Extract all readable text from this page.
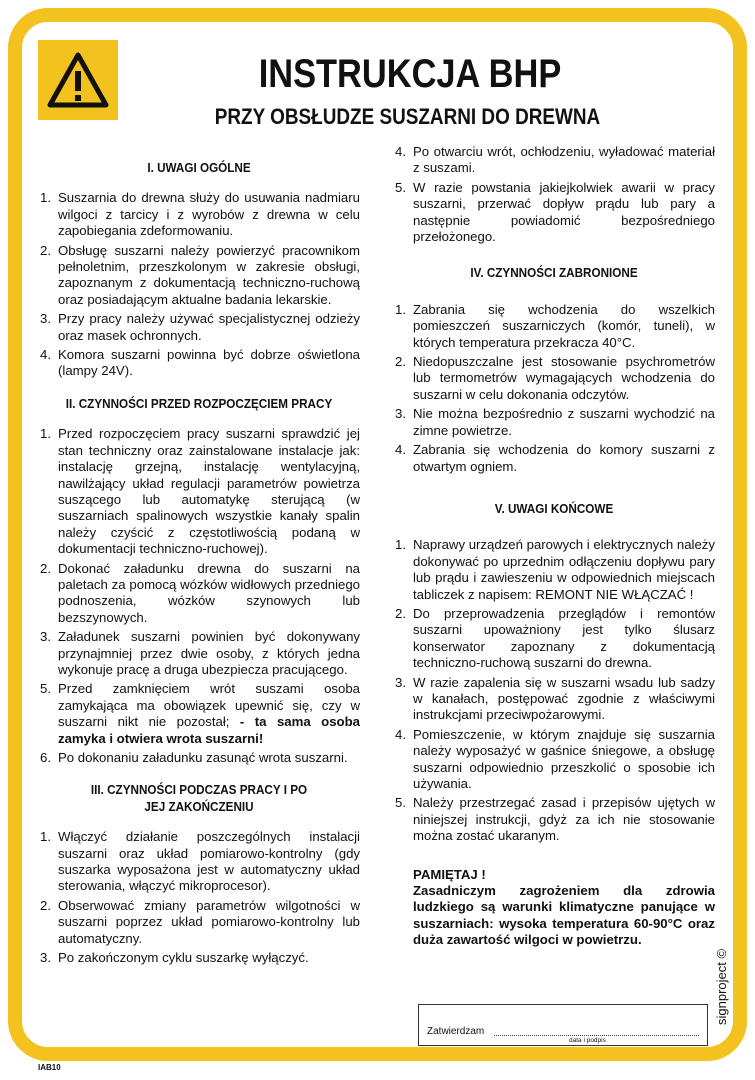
INSTRUKCJA BHP
PRZY OBSŁUDZE SUSZARNI DO DREWNA
I. UWAGI OGÓLNE
1. Suszarnia do drewna służy do usuwania nadmiaru wilgoci z tarcicy i z wyrobów z drewna w celu zapobiegania zdeformowaniu.
2. Obsługę suszarni należy powierzyć pracownikom pełnoletnim, przeszkolonym w zakresie obsługi, zapoznanym z dokumentacją techniczno-ruchową oraz posiadającym aktualne badania lekarskie.
3. Przy pracy należy używać specjalistycznej odzieży oraz masek ochronnych.
4. Komora suszarni powinna być dobrze oświetlona (lampy 24V).
II. CZYNNOŚCI PRZED ROZPOCZĘCIEM PRACY
1. Przed rozpoczęciem pracy suszarni sprawdzić jej stan techniczny oraz zainstalowane instalacje jak: instalację grzejną, instalację wentylacyjną, nawilżający układ regulacji parametrów powietrza suszącego lub automatykę sterującą (w suszarniach spalinowych wszystkie kanały spalin należy czyścić z częstotliwością podaną w dokumentacji techniczno-ruchowej).
2. Dokonać załadunku drewna do suszarni na paletach za pomocą wózków widłowych przedniego podnoszenia, wózków szynowych lub bezszynowych.
3. Załadunek suszarni powinien być dokonywany przynajmniej przez dwie osoby, z których jedna wykonuje pracę a druga ubezpiecza pracującego.
5. Przed zamknięciem wrót suszami osoba zamykająca ma obowiązek upewnić się, czy w suszarni nikt nie pozostał; - ta sama osoba zamyka i otwiera wrota suszarni!
6. Po dokonaniu załadunku zasunąć wrota suszarni.
III. CZYNNOŚCI PODCZAS PRACY I PO JEJ ZAKOŃCZENIU
1. Włączyć działanie poszczególnych instalacji suszarni oraz układ pomiarowo-kontrolny (gdy suszarka wyposażona jest w automatyczny układ sterowania, włączyć mikroprocesor).
2. Obserwować zmiany parametrów wilgotności w suszarni poprzez układ pomiarowo-kontrolny lub automatyczny.
3. Po zakończonym cyklu suszarkę wyłączyć.
4. Po otwarciu wrót, ochłodzeniu, wyładować materiał z suszami.
5. W razie powstania jakiejkolwiek awarii w pracy suszarni, przerwać dopływ prądu lub pary a następnie powiadomić bezpośredniego przełożonego.
IV. CZYNNOŚCI ZABRONIONE
1. Zabrania się wchodzenia do wszelkich pomieszczeń suszarniczych (komór, tuneli), w których temperatura przekracza 40°C.
2. Niedopuszczalne jest stosowanie psychrometrów lub termometrów wymagających wchodzenia do suszarni w celu dokonania odczytów.
3. Nie można bezpośrednio z suszarni wychodzić na zimne powietrze.
4. Zabrania się wchodzenia do komory suszarni z otwartym ogniem.
V. UWAGI KOŃCOWE
1. Naprawy urządzeń parowych i elektrycznych należy dokonywać po uprzednim odłączeniu dopływu pary lub prądu i zawieszeniu w odpowiednich miejscach tabliczek z napisem: REMONT NIE WŁĄCZAĆ !
2. Do przeprowadzenia przeglądów i remontów suszarni upoważniony jest tylko ślusarz konserwator zapoznany z dokumentacją techniczno-ruchową suszarni do drewna.
3. W razie zapalenia się w suszarni wsadu lub sadzy w kanałach, postępować zgodnie z właściwymi instrukcjami przeciwpożarowymi.
4. Pomieszczenie, w którym znajduje się suszarnia należy wyposażyć w gaśnice śniegowe, a obsługę suszarni odpowiednio przeszkolić o sposobie ich używania.
5. Należy przestrzegać zasad i przepisów ujętych w niniejszej instrukcji, gdyż za ich nie stosowanie można zostać ukaranym.
PAMIĘTAJ !
Zasadniczym zagrożeniem dla zdrowia ludzkiego są warunki klimatyczne panujące w suszarniach: wysoka temperatura 60-90°C oraz duża zawartość wilgoci w powietrzu.
Zatwierdzam
data i podpis
signproject ©
IAB10
